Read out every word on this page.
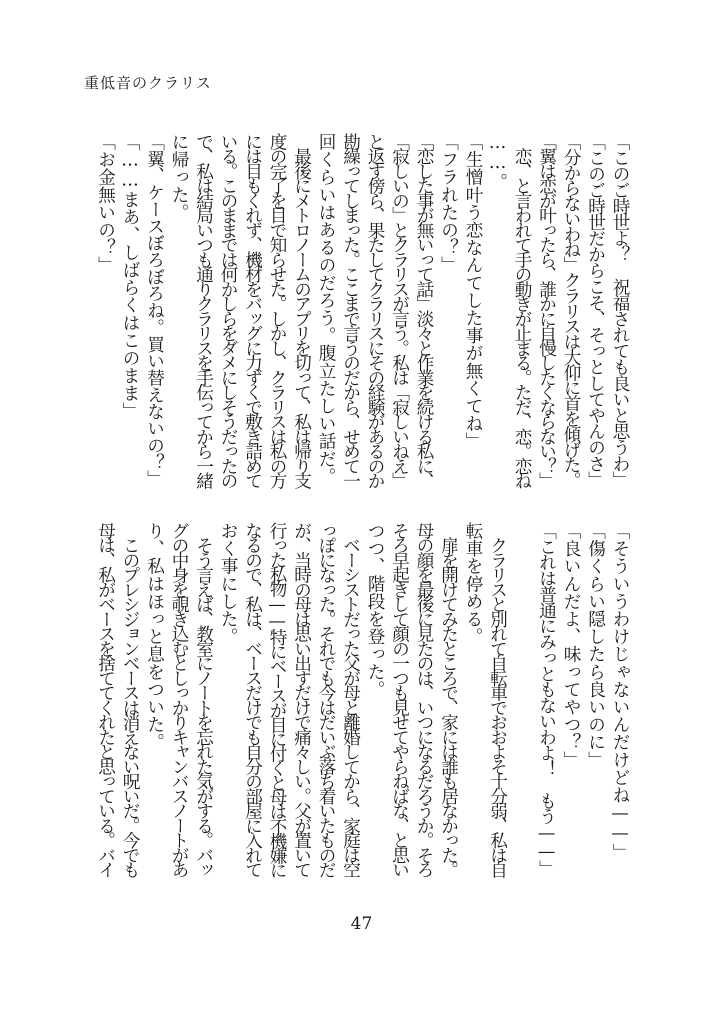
重低音のクラリス
「このご時世よ？　祝福されても良いと思うわ」
「このご時世だからこそ、そっとしてやんのさ」
「分からないわね」クラリスは大仰に首を傾げた。
「翼は恋が叶ったら、誰かに自慢したくならない？」
　恋、と言われて手の動きが止まる。ただ、恋。恋ね
……。
「生憎叶う恋なんてした事が無くてね」
「フラれたの？」
「恋した事が無いって話」淡々と作業を続ける私に、
「寂しいの」とクラリスが言う。私は「寂しいねえ」
と返す傍ら、果たしてクラリスにその経験があるのか
勘繰ってしまった。ここまで言うのだから、せめて一
回くらいはあるのだろう。腹立たしい話だ。
　最後にメトロノームのアプリを切って、私は帰り支
度の完了を目で知らせた。しかし、クラリスは私の方
には目もくれず、機材をバッグに力ずくで敷き詰めて
いる。このままでは何かしらをダメにしそうだったの
で、私は結局いつも通りクラリスを手伝ってから一緒
に帰った。
「翼、ケースぼろぼろね。買い替えないの？」
「……まあ、しばらくはこのまま」
「お金無いの？」
「そういうわけじゃないんだけどね——」
「傷くらい隠したら良いのに」
「良いんだよ、味ってやつ？」
「これは普通にみっともないわよ！　もう——」
　クラリスと別れて自転車でおおよそ十分弱、私は自
転車を停める。
　扉を開けてみたところで、家には誰も居なかった。
母の顔を最後に見たのは、いつになるだろうか。そろ
そろ早起きして顔の一つも見せてやらねばな、と思い
つつ、階段を登った。
　ベーシストだった父が母と離婚してから、家庭は空
っぽになった。それでも今はだいぶ落ち着いたものだ
が、当時の母は思い出すだけで痛々しい。父が置いて
行った私物——特にベースが目に付くと母は不機嫌に
なるので、私は、ベースだけでも自分の部屋に入れて
おく事にした。
　そう言えば、教室にノートを忘れた気がする。バッ
グの中身を覗き込むとしっかりキャンバスノートがあ
り、私はほっと息をついた。
　このプレシジョンベースは消えない呪いだ。今でも
母は、私がベースを捨ててくれたと思っている。バイ
47
